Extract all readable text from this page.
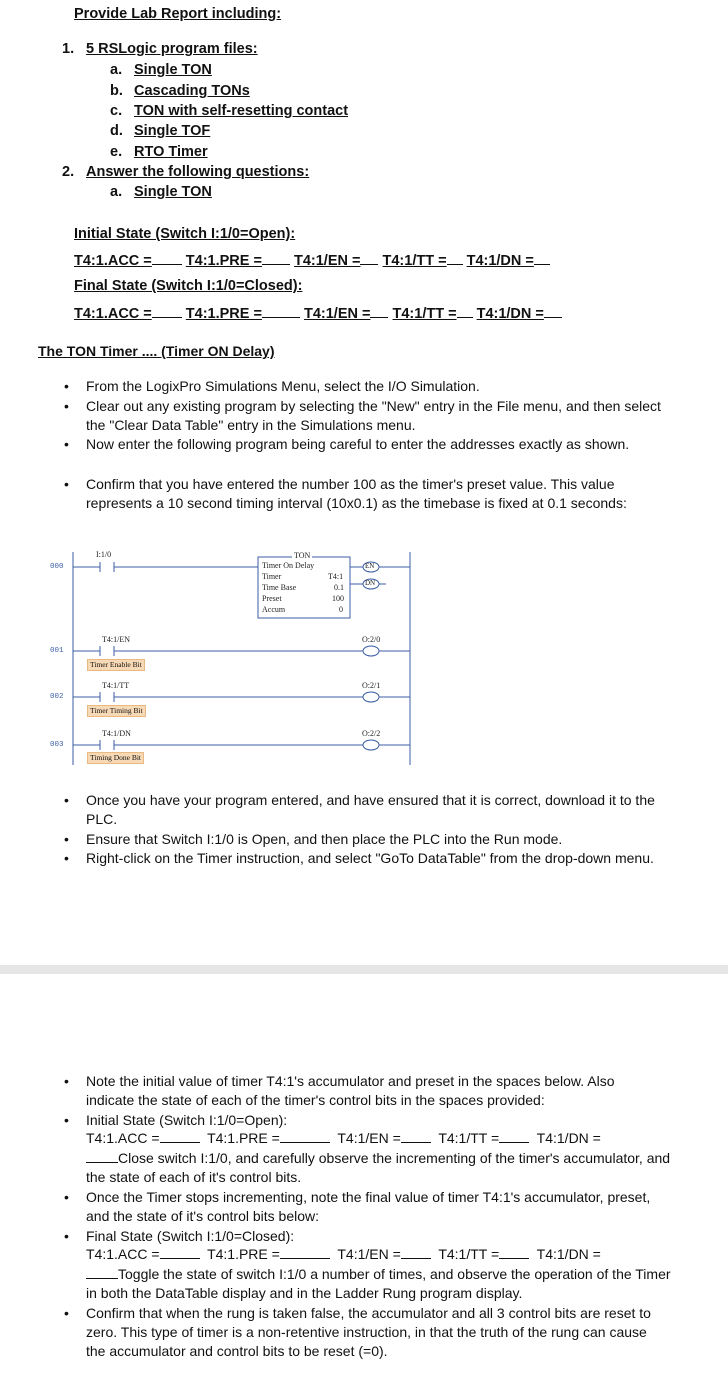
Provide Lab Report including:
1. 5 RSLogic program files:
a. Single TON
b. Cascading TONs
c. TON with self-resetting contact
d. Single TOF
e. RTO Timer
2. Answer the following questions:
a. Single TON
Initial State (Switch I:1/0=Open):
T4:1.ACC = T4:1.PRE = T4:1/EN = T4:1/TT = T4:1/DN =
Final State (Switch I:1/0=Closed):
T4:1.ACC = T4:1.PRE =	T4:1/EN = T4:1/TT = T4:1/DN =
The TON Timer .... (Timer ON Delay)
• From the LogixPro Simulations Menu, select the I/O Simulation.
• Clear out any existing program by selecting the "New" entry in the File menu, and then select the "Clear Data Table" entry in the Simulations menu.
• Now enter the following program being careful to enter the addresses exactly as shown.
• Confirm that you have entered the number 100 as the timer's preset value. This value represents a 10 second timing interval (10x0.1) as the timebase is fixed at 0.1 seconds:
000
001
002
003
I:1/0	TON
Timer On Delay
Timer	T4:1
Time Base	0.1
Preset	100
Accum	0
EN
DN
T4:1/EN
Timer Enable Bit
O:2/0
T4:1/TT
Timer Timing Bit
O:2/1
T4:1/DN
Timing Done Bit
O:2/2
• Once you have your program entered, and have ensured that it is correct, download it to the PLC.
• Ensure that Switch I:1/0 is Open, and then place the PLC into the Run mode.
• Right-click on the Timer instruction, and select "GoTo DataTable" from the drop-down menu.
• Note the initial value of timer T4:1's accumulator and preset in the spaces below. Also indicate the state of each of the timer's control bits in the spaces provided:
• Initial State (Switch I:1/0=Open):
T4:1.ACC =	T4:1.PRE =	T4:1/EN =	T4:1/TT =	T4:1/DN =
Close switch I:1/0, and carefully observe the incrementing of the timer's accumulator, and the state of each of it's control bits.
• Once the Timer stops incrementing, note the final value of timer T4:1's accumulator, preset, and the state of it's control bits below:
• Final State (Switch I:1/0=Closed):
T4:1.ACC =	T4:1.PRE =	T4:1/EN =	T4:1/TT =	T4:1/DN =
Toggle the state of switch I:1/0 a number of times, and observe the operation of the Timer in both the DataTable display and in the Ladder Rung program display.
• Confirm that when the rung is taken false, the accumulator and all 3 control bits are reset to zero. This type of timer is a non-retentive instruction, in that the truth of the rung can cause the accumulator and control bits to be reset (=0).
